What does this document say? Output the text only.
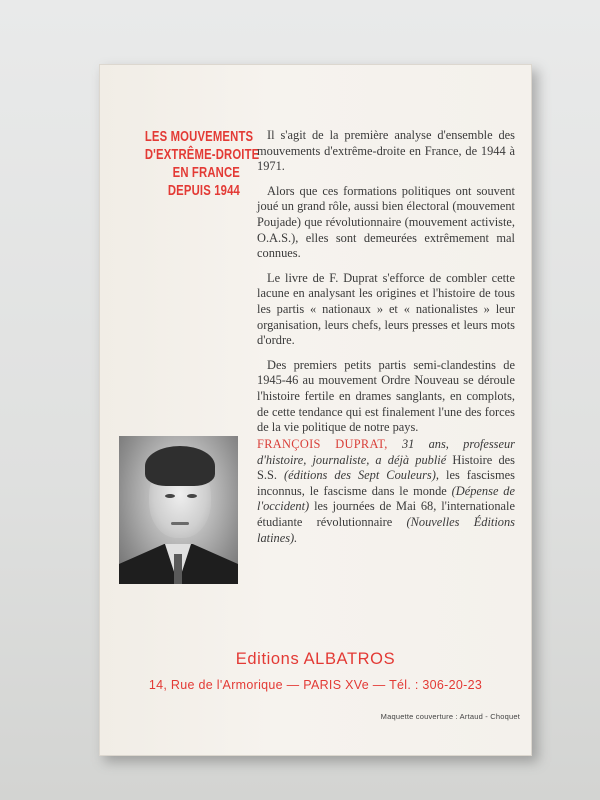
LES MOUVEMENTS
D'EXTRÊME-DROITE
EN FRANCE
DEPUIS 1944

Il s'agit de la première analyse d'ensemble des mouvements d'extrême-droite en France, de 1944 à 1971.

Alors que ces formations politiques ont souvent joué un grand rôle, aussi bien électoral (mouvement Poujade) que révolutionnaire (mouvement activiste, O.A.S.), elles sont demeurées extrêmement mal connues.

Le livre de F. Duprat s'efforce de combler cette lacune en analysant les origines et l'histoire de tous les partis « nationaux » et « nationalistes » leur organisation, leurs chefs, leurs presses et leurs mots d'ordre.

Des premiers petits partis semi-clandestins de 1945-46 au mouvement Ordre Nouveau se déroule l'histoire fertile en drames sanglants, en complots, de cette tendance qui est finalement l'une des forces de la vie politique de notre pays.

FRANÇOIS DUPRAT, 31 ans, professeur d'histoire, journaliste, a déjà publié Histoire des S.S. (éditions des Sept Couleurs), les fascismes inconnus, le fascisme dans le monde (Dépense de l'occident) les journées de Mai 68, l'internationale étudiante révolutionnaire (Nouvelles Éditions latines).
Editions ALBATROS
14, Rue de l'Armorique — PARIS XVe — Tél. : 306-20-23
Maquette couverture : Artaud - Choquet
